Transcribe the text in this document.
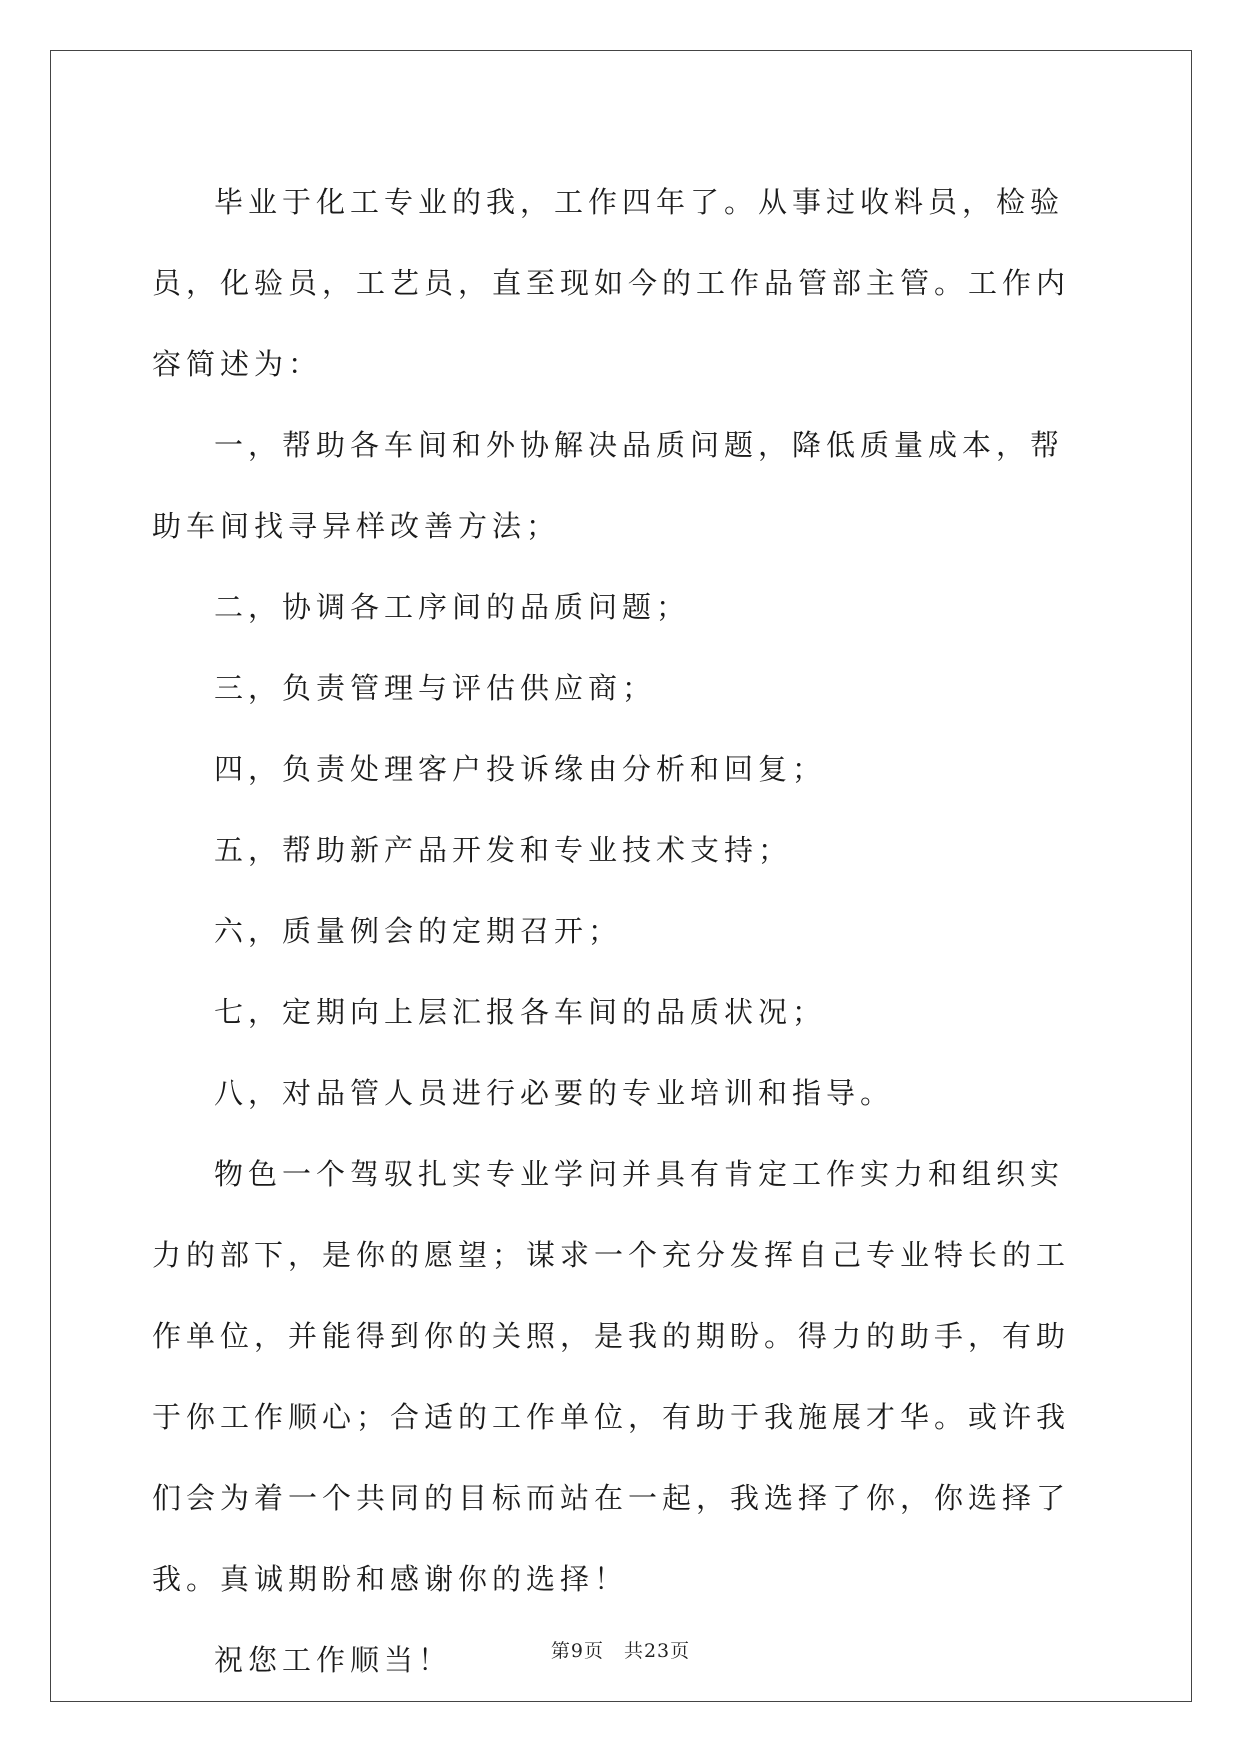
毕业于化工专业的我，工作四年了。从事过收料员，检验员，化验员，工艺员，直至现如今的工作品管部主管。工作内容简述为：

一，帮助各车间和外协解决品质问题，降低质量成本，帮助车间找寻异样改善方法；

二，协调各工序间的品质问题；

三，负责管理与评估供应商；

四，负责处理客户投诉缘由分析和回复；

五，帮助新产品开发和专业技术支持；

六，质量例会的定期召开；

七，定期向上层汇报各车间的品质状况；

八，对品管人员进行必要的专业培训和指导。

物色一个驾驭扎实专业学问并具有肯定工作实力和组织实力的部下，是你的愿望；谋求一个充分发挥自己专业特长的工作单位，并能得到你的关照，是我的期盼。得力的助手，有助于你工作顺心；合适的工作单位，有助于我施展才华。或许我们会为着一个共同的目标而站在一起，我选择了你，你选择了我。真诚期盼和感谢你的选择！

祝您工作顺当！	第9页 共23页
